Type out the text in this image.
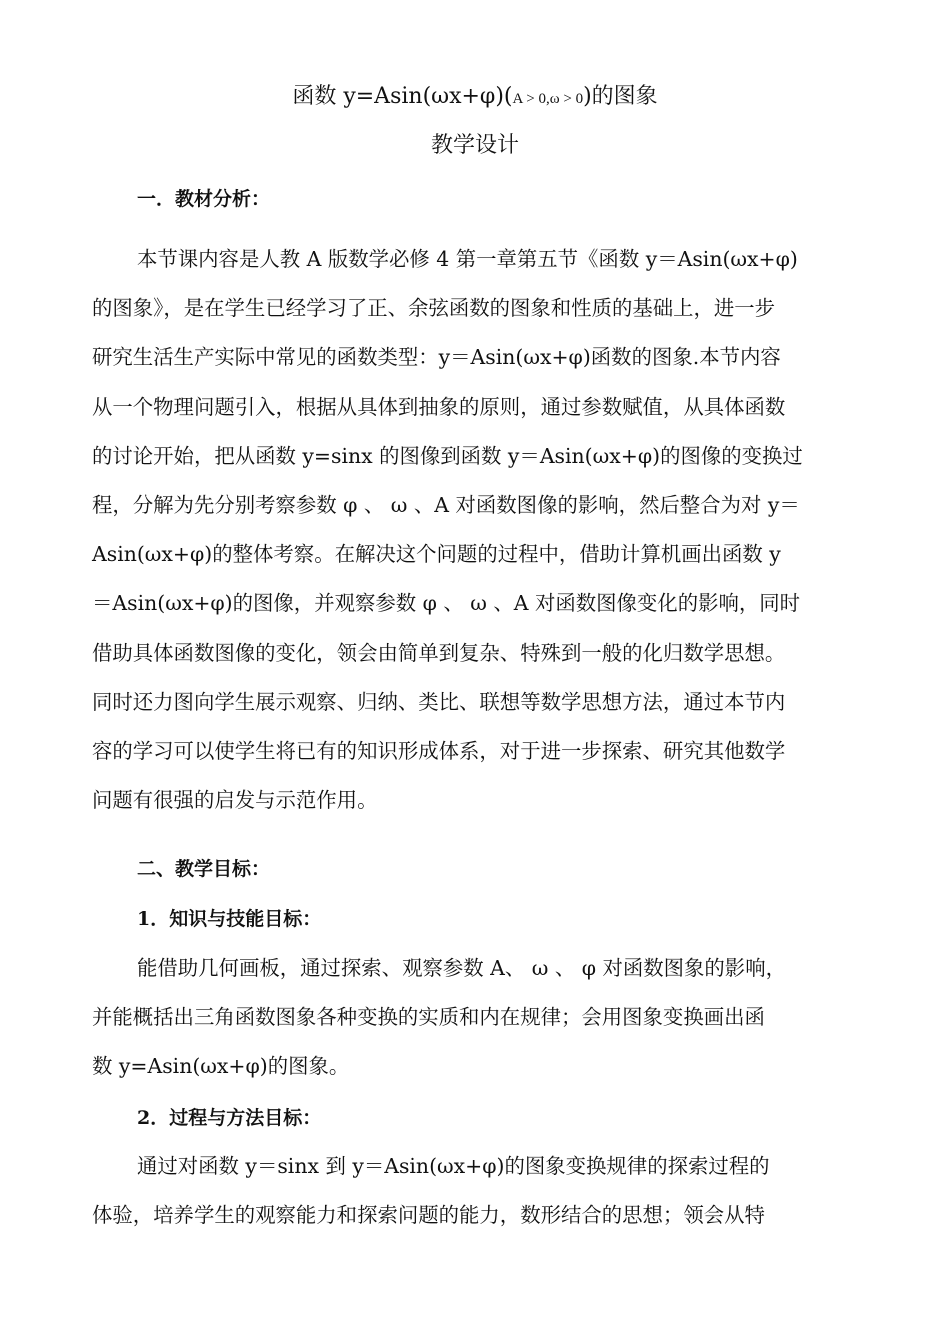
函数 y=Asin(ωx+φ)(A > 0,ω > 0)的图象
教学设计
一．教材分析：
本节课内容是人教 A 版数学必修 4 第一章第五节《函数 y＝Asin(ωx+φ)
的图象》，是在学生已经学习了正、余弦函数的图象和性质的基础上，进一步
研究生活生产实际中常见的函数类型：y＝Asin(ωx+φ)函数的图象.本节内容
从一个物理问题引入，根据从具体到抽象的原则，通过参数赋值，从具体函数
的讨论开始，把从函数 y=sinx 的图像到函数 y＝Asin(ωx+φ)的图像的变换过
程，分解为先分别考察参数 φ 、 ω 、A 对函数图像的影响，然后整合为对 y＝
Asin(ωx+φ)的整体考察。在解决这个问题的过程中，借助计算机画出函数 y
＝Asin(ωx+φ)的图像，并观察参数 φ 、 ω 、A 对函数图像变化的影响，同时
借助具体函数图像的变化，领会由简单到复杂、特殊到一般的化归数学思想。
同时还力图向学生展示观察、归纳、类比、联想等数学思想方法，通过本节内
容的学习可以使学生将已有的知识形成体系，对于进一步探索、研究其他数学
问题有很强的启发与示范作用。
二、教学目标：
1．知识与技能目标：
能借助几何画板，通过探索、观察参数 A、 ω 、 φ 对函数图象的影响，
并能概括出三角函数图象各种变换的实质和内在规律；会用图象变换画出函
数 y=Asin(ωx+φ)的图象。
2．过程与方法目标：
通过对函数 y＝sinx 到 y＝Asin(ωx+φ)的图象变换规律的探索过程的
体验，培养学生的观察能力和探索问题的能力，数形结合的思想；领会从特
